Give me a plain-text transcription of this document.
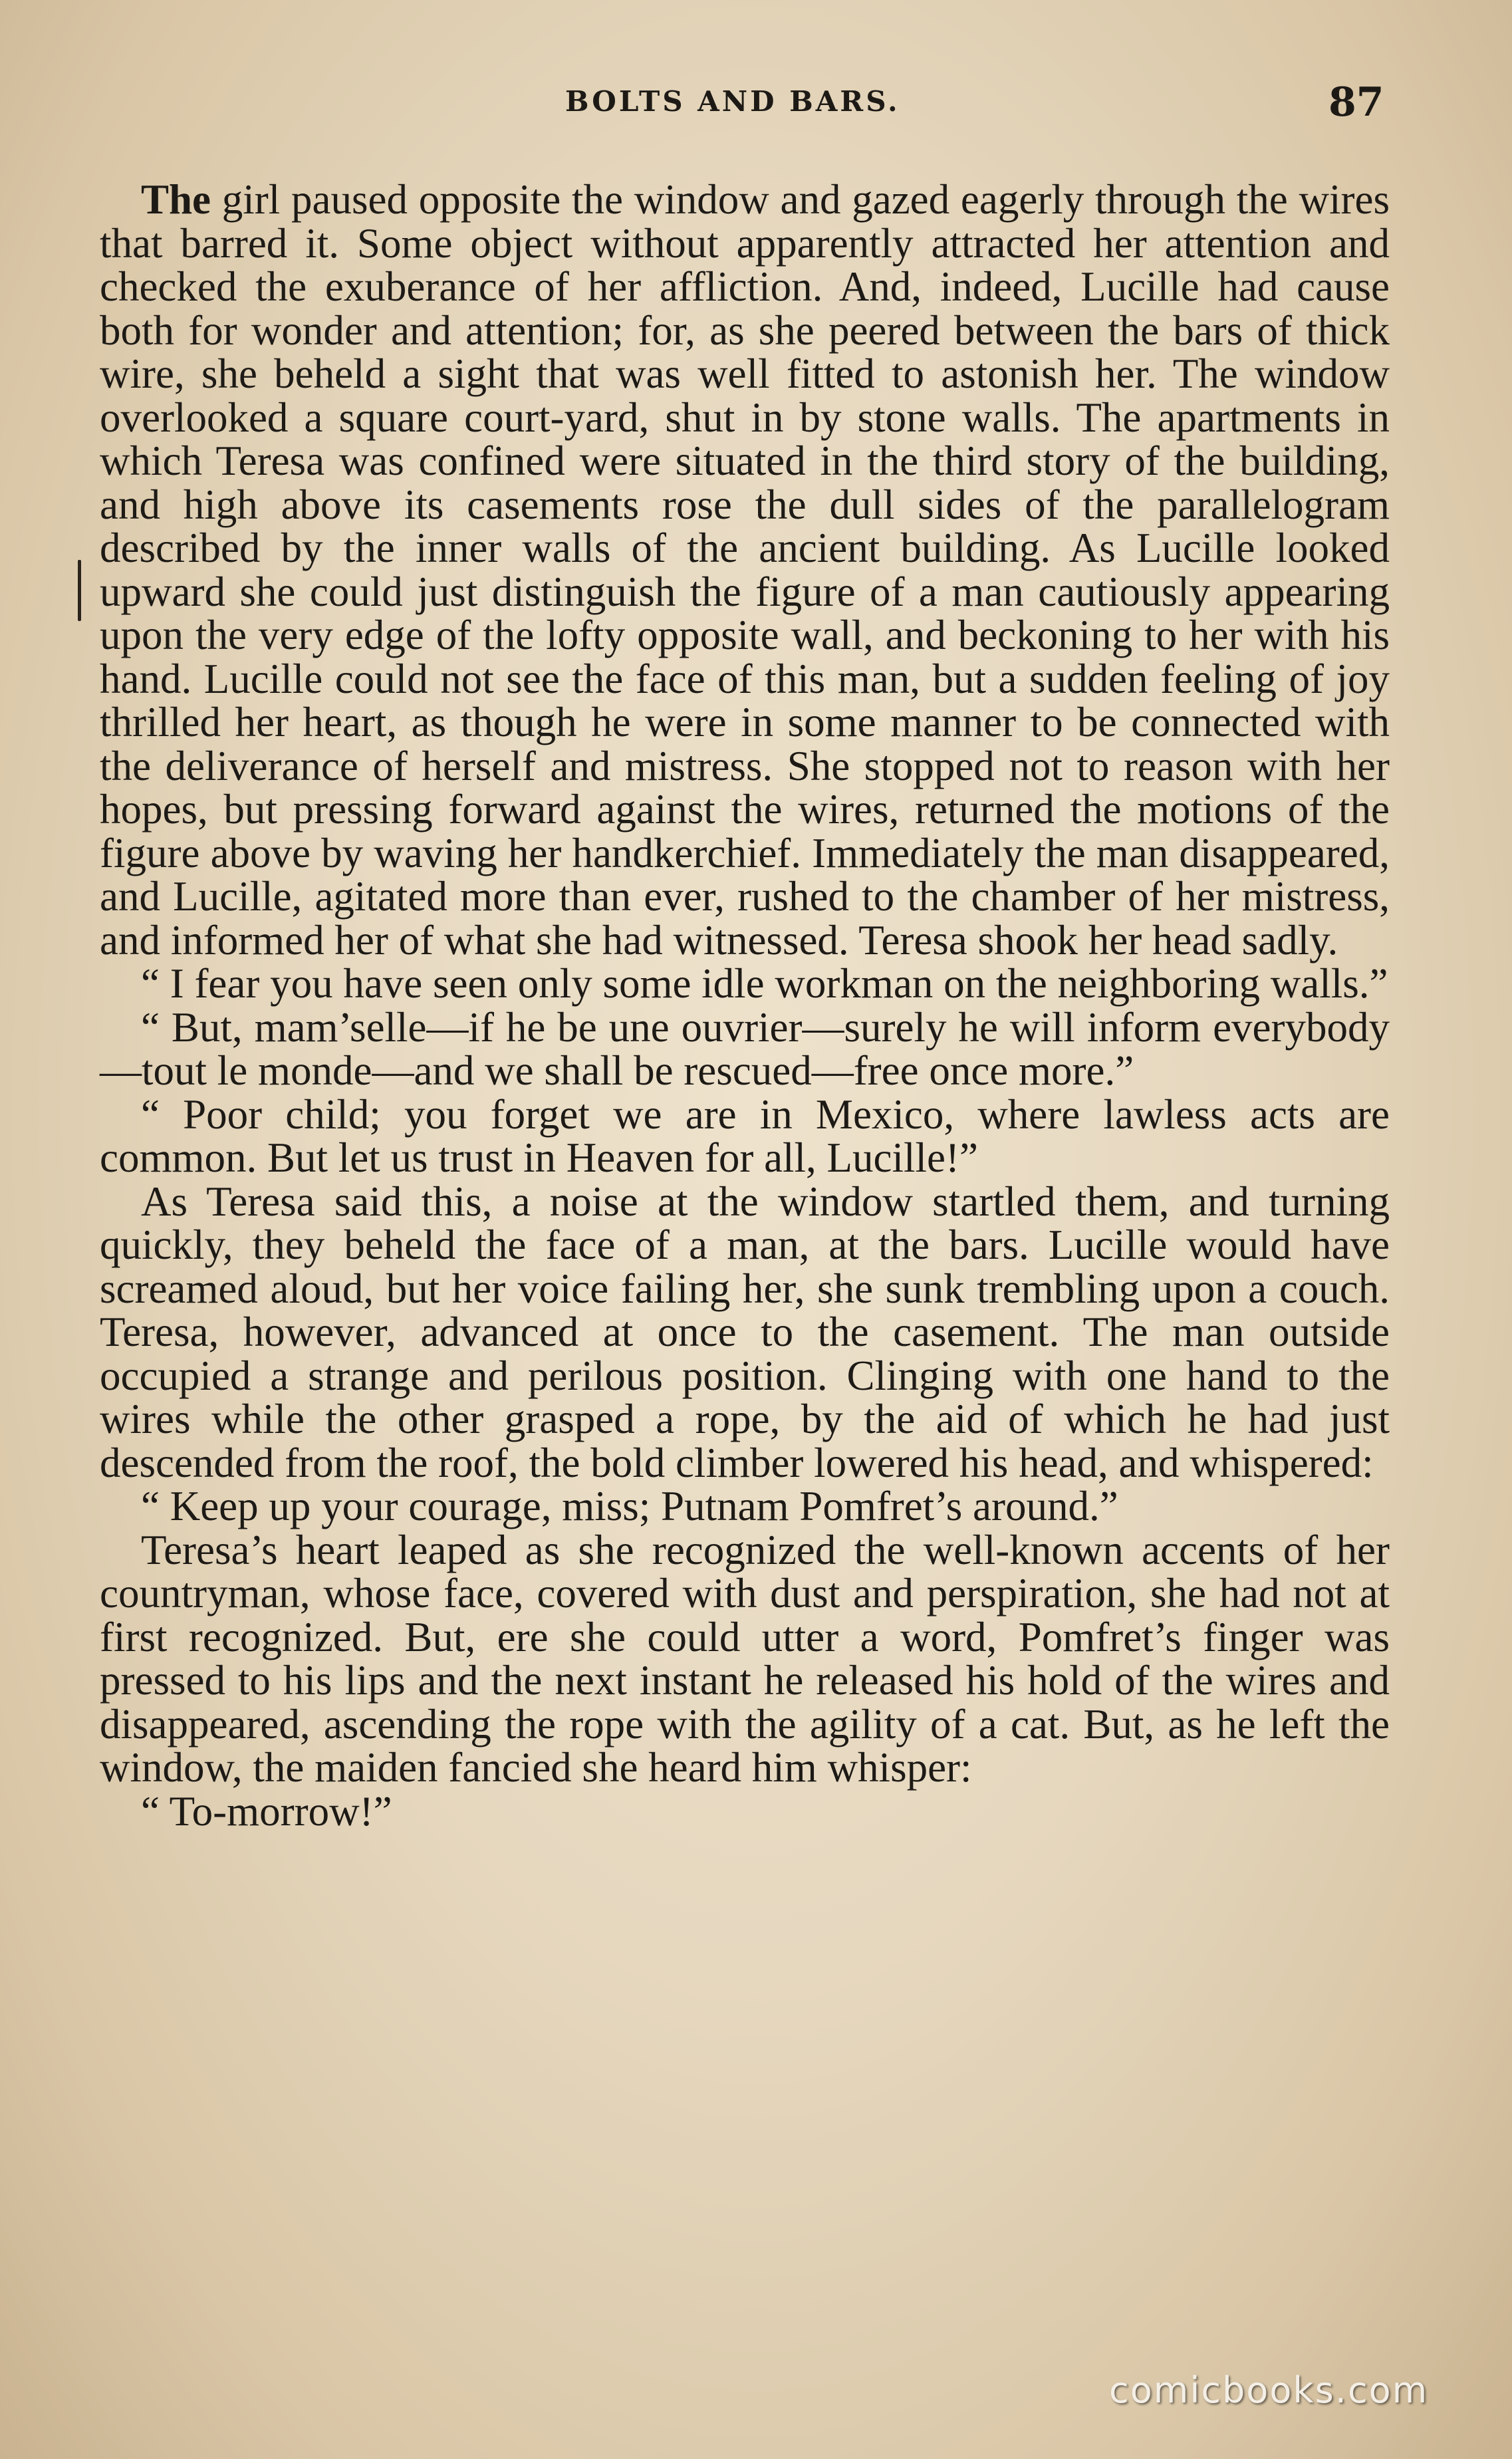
BOLTS AND BARS.	87

The girl paused opposite the window and gazed eagerly through the wires that barred it. Some object without apparently attracted her attention and checked the exuberance of her affliction. And, indeed, Lucille had cause both for wonder and attention; for, as she peered between the bars of thick wire, she beheld a sight that was well fitted to astonish her. The window overlooked a square court-yard, shut in by stone walls. The apartments in which Teresa was confined were situated in the third story of the building, and high above its casements rose the dull sides of the parallelogram described by the inner walls of the ancient building. As Lucille looked upward she could just distinguish the figure of a man cautiously appearing upon the very edge of the lofty opposite wall, and beckoning to her with his hand. Lucille could not see the face of this man, but a sudden feeling of joy thrilled her heart, as though he were in some manner to be connected with the deliverance of herself and mistress. She stopped not to reason with her hopes, but pressing forward against the wires, returned the motions of the figure above by waving her handkerchief. Immediately the man disappeared, and Lucille, agitated more than ever, rushed to the chamber of her mistress, and informed her of what she had witnessed. Teresa shook her head sadly.

“ I fear you have seen only some idle workman on the neighboring walls.”

“ But, mam’selle—if he be une ouvrier—surely he will inform everybody—tout le monde—and we shall be rescued—free once more.”

“ Poor child; you forget we are in Mexico, where lawless acts are common. But let us trust in Heaven for all, Lucille!”

As Teresa said this, a noise at the window startled them, and turning quickly, they beheld the face of a man, at the bars. Lucille would have screamed aloud, but her voice failing her, she sunk trembling upon a couch. Teresa, however, advanced at once to the casement. The man outside occupied a strange and perilous position. Clinging with one hand to the wires while the other grasped a rope, by the aid of which he had just descended from the roof, the bold climber lowered his head, and whispered:

“ Keep up your courage, miss; Putnam Pomfret’s around.”

Teresa’s heart leaped as she recognized the well-known accents of her countryman, whose face, covered with dust and perspiration, she had not at first recognized. But, ere she could utter a word, Pomfret’s finger was pressed to his lips and the next instant he released his hold of the wires and disappeared, ascending the rope with the agility of a cat. But, as he left the window, the maiden fancied she heard him whisper:

“ To-morrow!”

comicbooks.com
